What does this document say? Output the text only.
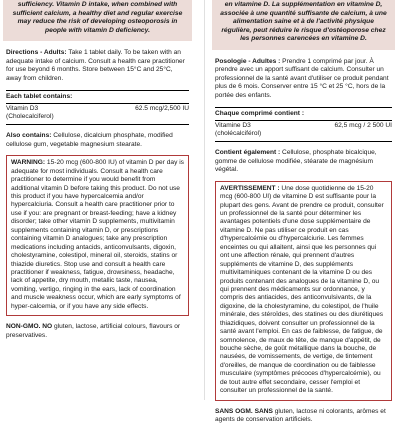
sufficiency. Vitamin D intake, when combined with sufficient calcium, a healthy diet and regular exercise may reduce the risk of developing osteoporosis in people with vitamin D deficiency.

Directions - Adults: Take 1 tablet daily. To be taken with an adequate intake of calcium. Consult a health care practitioner for use beyond 6 months. Store between 15°C and 25°C, away from children.

Each tablet contains:
Vitamin D3	62.5 mcg/2,500 IU
(Cholecalciferol)

Also contains: Cellulose, dicalcium phosphate, modified cellulose gum, vegetable magnesium stearate.

WARNING: 15-20 mcg (600-800 IU) of vitamin D per day is adequate for most individuals. Consult a health care practitioner to determine if you would benefit from additional vitamin D before taking this product. Do not use this product if you have hypercalcemia and/or hypercalciuria. Consult a health care practitioner prior to use if you: are pregnant or breast-feeding; have a kidney disorder; take other vitamin D supplements, multivitamin supplements containing vitamin D, or prescriptions containing vitamin D analogues; take any prescription medications including antacids, anticonvulsants, digoxin, cholestyramine, colestipol, mineral oil, steroids, statins or thiazide diuretics. Stop use and consult a health care practitioner if weakness, fatigue, drowsiness, headache, lack of appetite, dry mouth, metallic taste, nausea, vomiting, vertigo, ringing in the ears, lack of coordination and muscle weakness occur, which are early symptoms of hyper-calcemia, or if you have any side effects.

NON-GMO. NO gluten, lactose, artificial colours, flavours or preservatives.

en vitamine D. La supplémentation en vitamine D, associée à une quantité suffisante de calcium, à une alimentation saine et à de l'activité physique régulière, peut réduire le risque d'ostéoporose chez les personnes carencées en vitamine D.

Posologie - Adultes : Prendre 1 comprimé par jour. À prendre avec un apport suffisant de calcium. Consulter un professionnel de la santé avant d'utiliser ce produit pendant plus de 6 mois. Conserver entre 15 °C et 25 °C, hors de la portée des enfants.

Chaque comprimé contient :
Vitamine D3	62,5 mcg / 2 500 UI
(cholécalciférol)

Contient également : Cellulose, phosphate bicalcique, gomme de cellulose modifiée, stéarate de magnésium végétal.

AVERTISSEMENT : Une dose quotidienne de 15-20 mcg (600-800 UI) de vitamine D est suffisante pour la plupart des gens. Avant de prendre ce produit, consulter un professionnel de la santé pour déterminer les avantages potentiels d'une dose supplémentaire de vitamine D. Ne pas utiliser ce produit en cas d'hypercalcémie ou d'hypercalciurie. Les femmes enceintes ou qui allaitent, ainsi que les personnes qui ont une affection rénale, qui prennent d'autres suppléments de vitamine D, des suppléments multivitaminiques contenant de la vitamine D ou des produits contenant des analogues de la vitamine D, ou qui prennent des médicaments sur ordonnance, y compris des antiacides, des anticonvulsivants, de la digoxine, de la cholestyramine, du colestipol, de l'huile minérale, des stéroïdes, des statines ou des diurétiques thiazidiques, doivent consulter un professionnel de la santé avant l'emploi. En cas de faiblesse, de fatigue, de somnolence, de maux de tête, de manque d'appétit, de bouche sèche, de goût métallique dans la bouche, de nausées, de vomissements, de vertige, de tintement d'oreilles, de manque de coordination ou de faiblesse musculaire (symptômes précoces d'hypercalcémie), ou de tout autre effet secondaire, cesser l'emploi et consulter un professionnel de la santé.

SANS OGM. SANS gluten, lactose ni colorants, arômes et agents de conservation artificiels.
